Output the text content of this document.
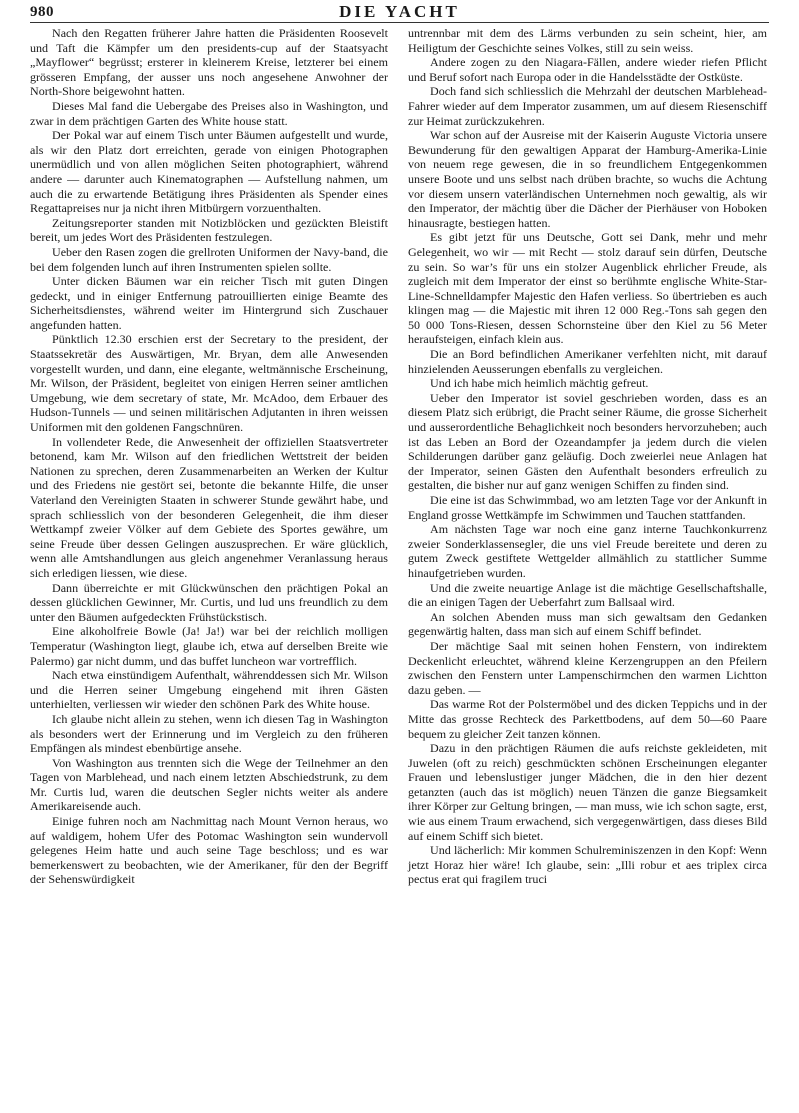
980	DIE YACHT

Nach den Regatten früherer Jahre hatten die Präsidenten Roosevelt und Taft die Kämpfer um den presidents-cup auf der Staatsyacht „Mayflower“ begrüsst; ersterer in kleinerem Kreise, letzterer bei einem grösseren Empfang, der ausser uns noch angesehene Anwohner der North-Shore beigewohnt hatten.

Dieses Mal fand die Uebergabe des Preises also in Washington, und zwar in dem prächtigen Garten des White house statt.

Der Pokal war auf einem Tisch unter Bäumen aufgestellt und wurde, als wir den Platz dort erreichten, gerade von einigen Photographen unermüdlich und von allen möglichen Seiten photographiert, während andere — darunter auch Kinematographen — Aufstellung nahmen, um auch die zu erwartende Betätigung ihres Präsidenten als Spender eines Regattapreises nur ja nicht ihren Mitbürgern vorzuenthalten.

Zeitungsreporter standen mit Notizblöcken und gezückten Bleistift bereit, um jedes Wort des Präsidenten festzulegen.

Ueber den Rasen zogen die grellroten Uniformen der Navy-band, die bei dem folgenden lunch auf ihren Instrumenten spielen sollte.

Unter dicken Bäumen war ein reicher Tisch mit guten Dingen gedeckt, und in einiger Entfernung patrouillierten einige Beamte des Sicherheitsdienstes, während weiter im Hintergrund sich Zuschauer angefunden hatten.

Pünktlich 12.30 erschien erst der Secretary to the president, der Staatssekretär des Auswärtigen, Mr. Bryan, dem alle Anwesenden vorgestellt wurden, und dann, eine elegante, weltmännische Erscheinung, Mr. Wilson, der Präsident, begleitet von einigen Herren seiner amtlichen Umgebung, wie dem secretary of state, Mr. McAdoo, dem Erbauer des Hudson-Tunnels — und seinen militärischen Adjutanten in ihren weissen Uniformen mit den goldenen Fangschnüren.

In vollendeter Rede, die Anwesenheit der offiziellen Staatsvertreter betonend, kam Mr. Wilson auf den friedlichen Wettstreit der beiden Nationen zu sprechen, deren Zusammenarbeiten an Werken der Kultur und des Friedens nie gestört sei, betonte die bekannte Hilfe, die unser Vaterland den Vereinigten Staaten in schwerer Stunde gewährt habe, und sprach schliesslich von der besonderen Gelegenheit, die ihm dieser Wettkampf zweier Völker auf dem Gebiete des Sportes gewähre, um seine Freude über dessen Gelingen auszusprechen. Er wäre glücklich, wenn alle Amtshandlungen aus gleich angenehmer Veranlassung heraus sich erledigen liessen, wie diese.

Dann überreichte er mit Glückwünschen den prächtigen Pokal an dessen glücklichen Gewinner, Mr. Curtis, und lud uns freundlich zu dem unter den Bäumen aufgedeckten Frühstückstisch.

Eine alkoholfreie Bowle (Ja! Ja!) war bei der reichlich molligen Temperatur (Washington liegt, glaube ich, etwa auf derselben Breite wie Palermo) gar nicht dumm, und das buffet luncheon war vortrefflich.

Nach etwa einstündigem Aufenthalt, währenddessen sich Mr. Wilson und die Herren seiner Umgebung eingehend mit ihren Gästen unterhielten, verliessen wir wieder den schönen Park des White house.

Ich glaube nicht allein zu stehen, wenn ich diesen Tag in Washington als besonders wert der Erinnerung und im Vergleich zu den früheren Empfängen als mindest ebenbürtige ansehe.

Von Washington aus trennten sich die Wege der Teilnehmer an den Tagen von Marblehead, und nach einem letzten Abschiedstrunk, zu dem Mr. Curtis lud, waren die deutschen Segler nichts weiter als andere Amerikareisende auch.

Einige fuhren noch am Nachmittag nach Mount Vernon heraus, wo auf waldigem, hohem Ufer des Potomac Washington sein wundervoll gelegenes Heim hatte und auch seine Tage beschloss; und es war bemerkenswert zu beobachten, wie der Amerikaner, für den der Begriff der Sehenswürdigkeit

untrennbar mit dem des Lärms verbunden zu sein scheint, hier, am Heiligtum der Geschichte seines Volkes, still zu sein weiss.

Andere zogen zu den Niagara-Fällen, andere wieder riefen Pflicht und Beruf sofort nach Europa oder in die Handelsstädte der Ostküste.

Doch fand sich schliesslich die Mehrzahl der deutschen Marblehead-Fahrer wieder auf dem Imperator zusammen, um auf diesem Riesenschiff zur Heimat zurückzukehren.

War schon auf der Ausreise mit der Kaiserin Auguste Victoria unsere Bewunderung für den gewaltigen Apparat der Hamburg-Amerika-Linie von neuem rege gewesen, die in so freundlichem Entgegenkommen unsere Boote und uns selbst nach drüben brachte, so wuchs die Achtung vor diesem unsern vaterländischen Unternehmen noch gewaltig, als wir den Imperator, der mächtig über die Dächer der Pierhäuser von Hoboken hinausragte, bestiegen hatten.

Es gibt jetzt für uns Deutsche, Gott sei Dank, mehr und mehr Gelegenheit, wo wir — mit Recht — stolz darauf sein dürfen, Deutsche zu sein. So war’s für uns ein stolzer Augenblick ehrlicher Freude, als zugleich mit dem Imperator der einst so berühmte englische White-Star-Line-Schnelldampfer Majestic den Hafen verliess. So übertrieben es auch klingen mag — die Majestic mit ihren 12 000 Reg.-Tons sah gegen den 50 000 Tons-Riesen, dessen Schornsteine über den Kiel zu 56 Meter heraufsteigen, einfach klein aus.

Die an Bord befindlichen Amerikaner verfehlten nicht, mit darauf hinzielenden Aeusserungen ebenfalls zu vergleichen.

Und ich habe mich heimlich mächtig gefreut.

Ueber den Imperator ist soviel geschrieben worden, dass es an diesem Platz sich erübrigt, die Pracht seiner Räume, die grosse Sicherheit und ausserordentliche Behaglichkeit noch besonders hervorzuheben; auch ist das Leben an Bord der Ozeandampfer ja jedem durch die vielen Schilderungen darüber ganz geläufig. Doch zweierlei neue Anlagen hat der Imperator, seinen Gästen den Aufenthalt besonders erfreulich zu gestalten, die bisher nur auf ganz wenigen Schiffen zu finden sind.

Die eine ist das Schwimmbad, wo am letzten Tage vor der Ankunft in England grosse Wettkämpfe im Schwimmen und Tauchen stattfanden.

Am nächsten Tage war noch eine ganz interne Tauchkonkurrenz zweier Sonderklassensegler, die uns viel Freude bereitete und deren zu gutem Zweck gestiftete Wettgelder allmählich zu stattlicher Summe hinaufgetrieben wurden.

Und die zweite neuartige Anlage ist die mächtige Gesellschaftshalle, die an einigen Tagen der Ueberfahrt zum Ballsaal wird.

An solchen Abenden muss man sich gewaltsam den Gedanken gegenwärtig halten, dass man sich auf einem Schiff befindet.

Der mächtige Saal mit seinen hohen Fenstern, von indirektem Deckenlicht erleuchtet, während kleine Kerzengruppen an den Pfeilern zwischen den Fenstern unter Lampenschirmchen den warmen Lichtton dazu geben. —

Das warme Rot der Polstermöbel und des dicken Teppichs und in der Mitte das grosse Rechteck des Parkettbodens, auf dem 50—60 Paare bequem zu gleicher Zeit tanzen können.

Dazu in den prächtigen Räumen die aufs reichste gekleideten, mit Juwelen (oft zu reich) geschmückten schönen Erscheinungen eleganter Frauen und lebenslustiger junger Mädchen, die in den hier dezent getanzten (auch das ist möglich) neuen Tänzen die ganze Biegsamkeit ihrer Körper zur Geltung bringen, — man muss, wie ich schon sagte, erst, wie aus einem Traum erwachend, sich vergegenwärtigen, dass dieses Bild auf einem Schiff sich bietet.

Und lächerlich: Mir kommen Schulreminiszenzen in den Kopf: Wenn jetzt Horaz hier wäre! Ich glaube, sein: „Illi robur et aes triplex circa pectus erat qui fragilem truci
